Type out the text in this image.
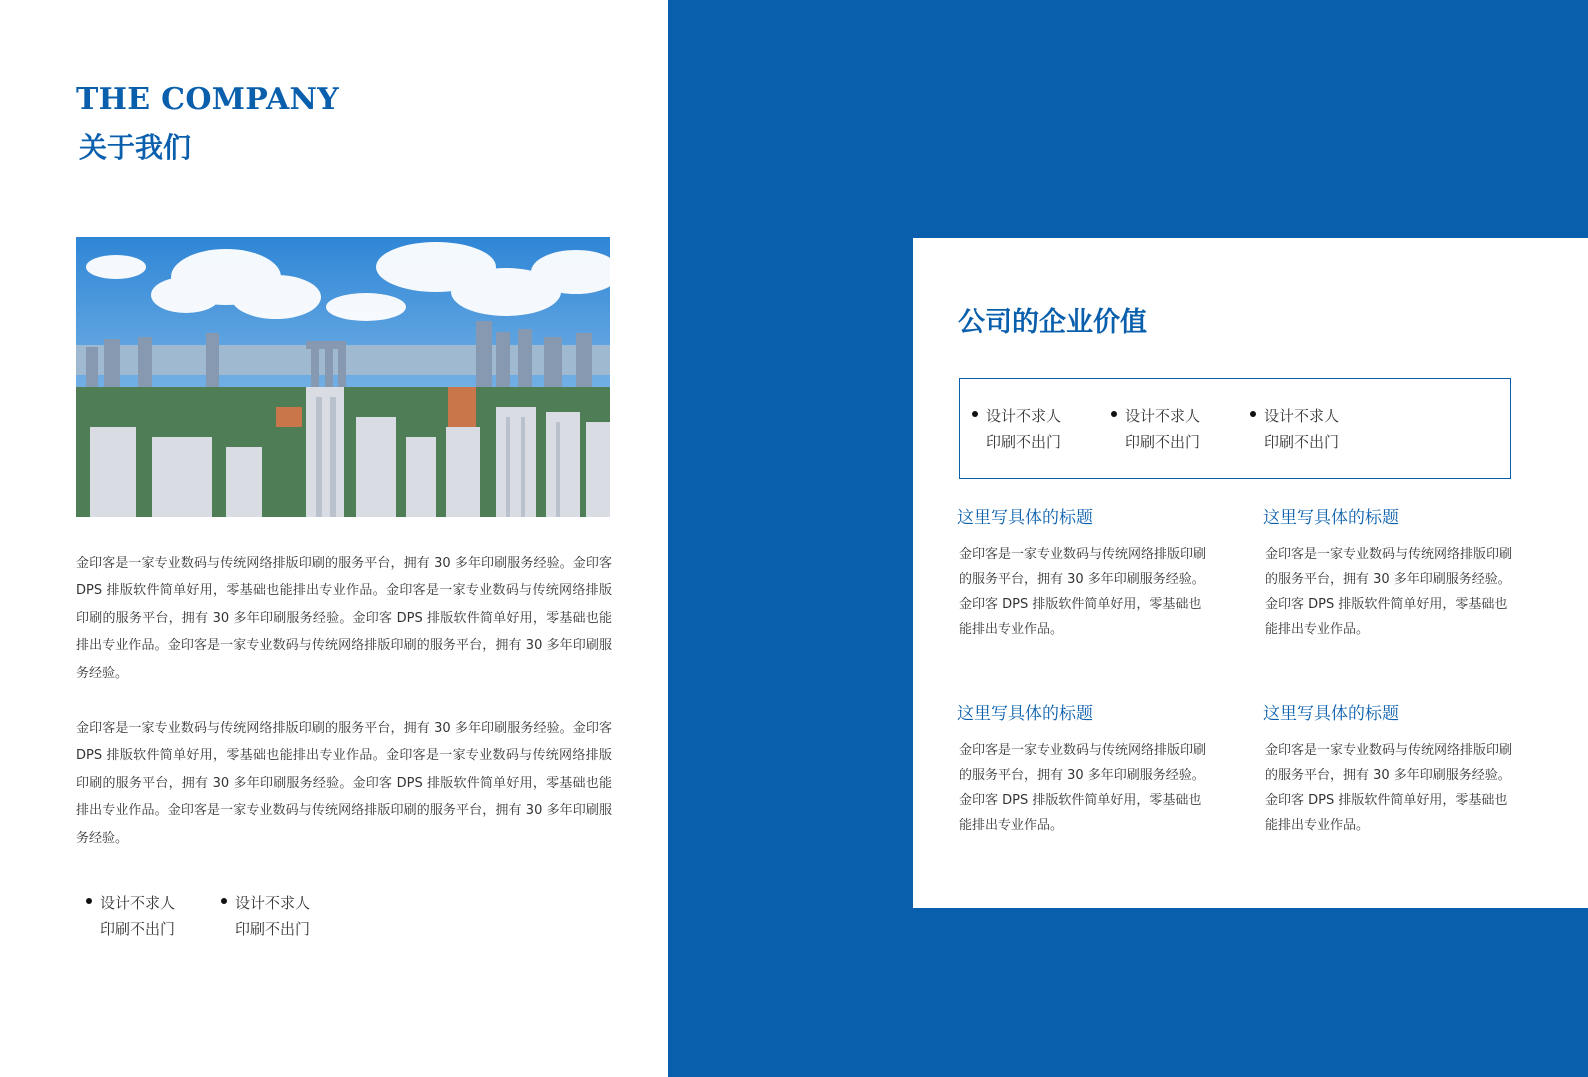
THE COMPANY
关于我们

金印客是一家专业数码与传统网络排版印刷的服务平台，拥有 30 多年印刷服务经验。金印客 DPS 排版软件简单好用，零基础也能排出专业作品。金印客是一家专业数码与传统网络排版印刷的服务平台，拥有 30 多年印刷服务经验。金印客 DPS 排版软件简单好用，零基础也能排出专业作品。金印客是一家专业数码与传统网络排版印刷的服务平台，拥有 30 多年印刷服务经验。

金印客是一家专业数码与传统网络排版印刷的服务平台，拥有 30 多年印刷服务经验。金印客 DPS 排版软件简单好用，零基础也能排出专业作品。金印客是一家专业数码与传统网络排版印刷的服务平台，拥有 30 多年印刷服务经验。金印客 DPS 排版软件简单好用，零基础也能排出专业作品。金印客是一家专业数码与传统网络排版印刷的服务平台，拥有 30 多年印刷服务经验。

设计不求人
印刷不出门
设计不求人
印刷不出门
公司的企业价值
设计不求人
印刷不出门
设计不求人
印刷不出门
设计不求人
印刷不出门
这里写具体的标题

金印客是一家专业数码与传统网络排版印刷的服务平台，拥有 30 多年印刷服务经验。金印客 DPS 排版软件简单好用，零基础也能排出专业作品。

这里写具体的标题

金印客是一家专业数码与传统网络排版印刷的服务平台，拥有 30 多年印刷服务经验。金印客 DPS 排版软件简单好用，零基础也能排出专业作品。

这里写具体的标题

金印客是一家专业数码与传统网络排版印刷的服务平台，拥有 30 多年印刷服务经验。金印客 DPS 排版软件简单好用，零基础也能排出专业作品。

这里写具体的标题

金印客是一家专业数码与传统网络排版印刷的服务平台，拥有 30 多年印刷服务经验。金印客 DPS 排版软件简单好用，零基础也能排出专业作品。
